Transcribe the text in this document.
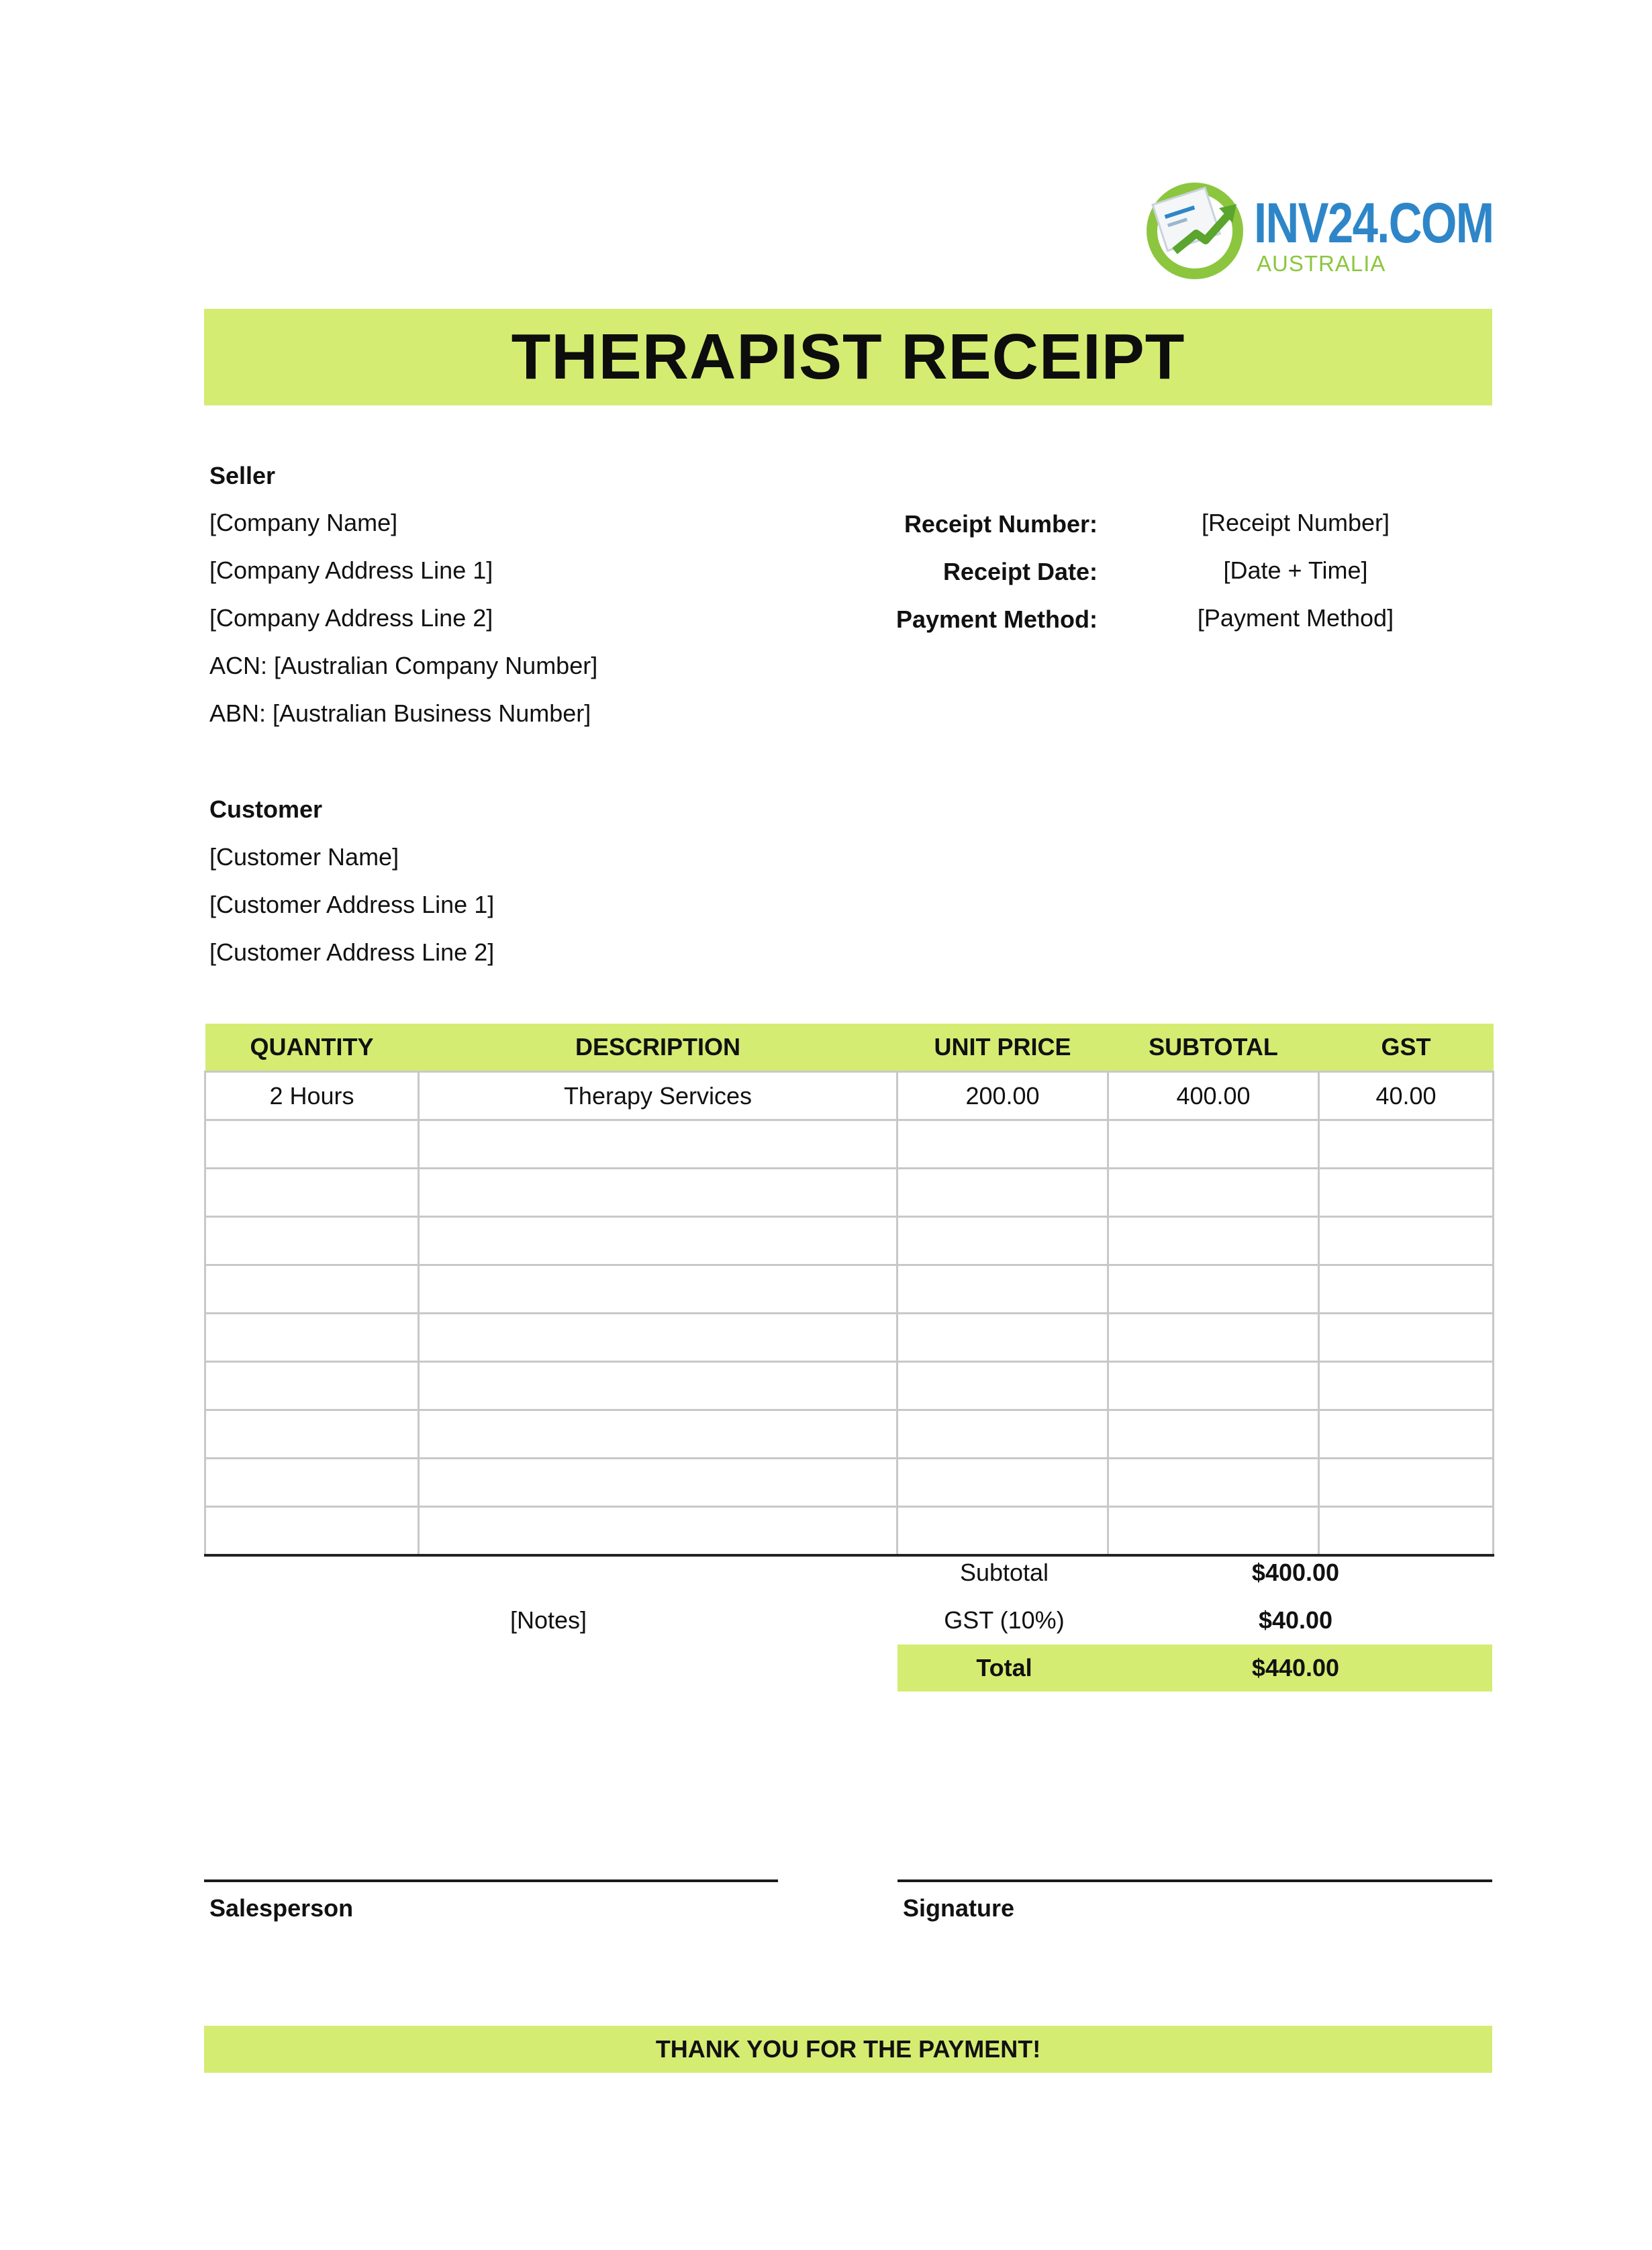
INV24.COM
AUSTRALIA
THERAPIST RECEIPT
Seller
[Company Name]
[Company Address Line 1]
[Company Address Line 2]
ACN: [Australian Company Number]
ABN: [Australian Business Number]
Receipt Number:	[Receipt Number]
Receipt Date:	[Date + Time]
Payment Method:	[Payment Method]
Customer
[Customer Name]
[Customer Address Line 1]
[Customer Address Line 2]
QUANTITY	DESCRIPTION	UNIT PRICE	SUBTOTAL	GST
2 Hours	Therapy Services	200.00	400.00	40.00

[Notes]
Subtotal	$400.00
GST (10%)	$40.00
Total	$440.00
Salesperson	Signature
THANK YOU FOR THE PAYMENT!
